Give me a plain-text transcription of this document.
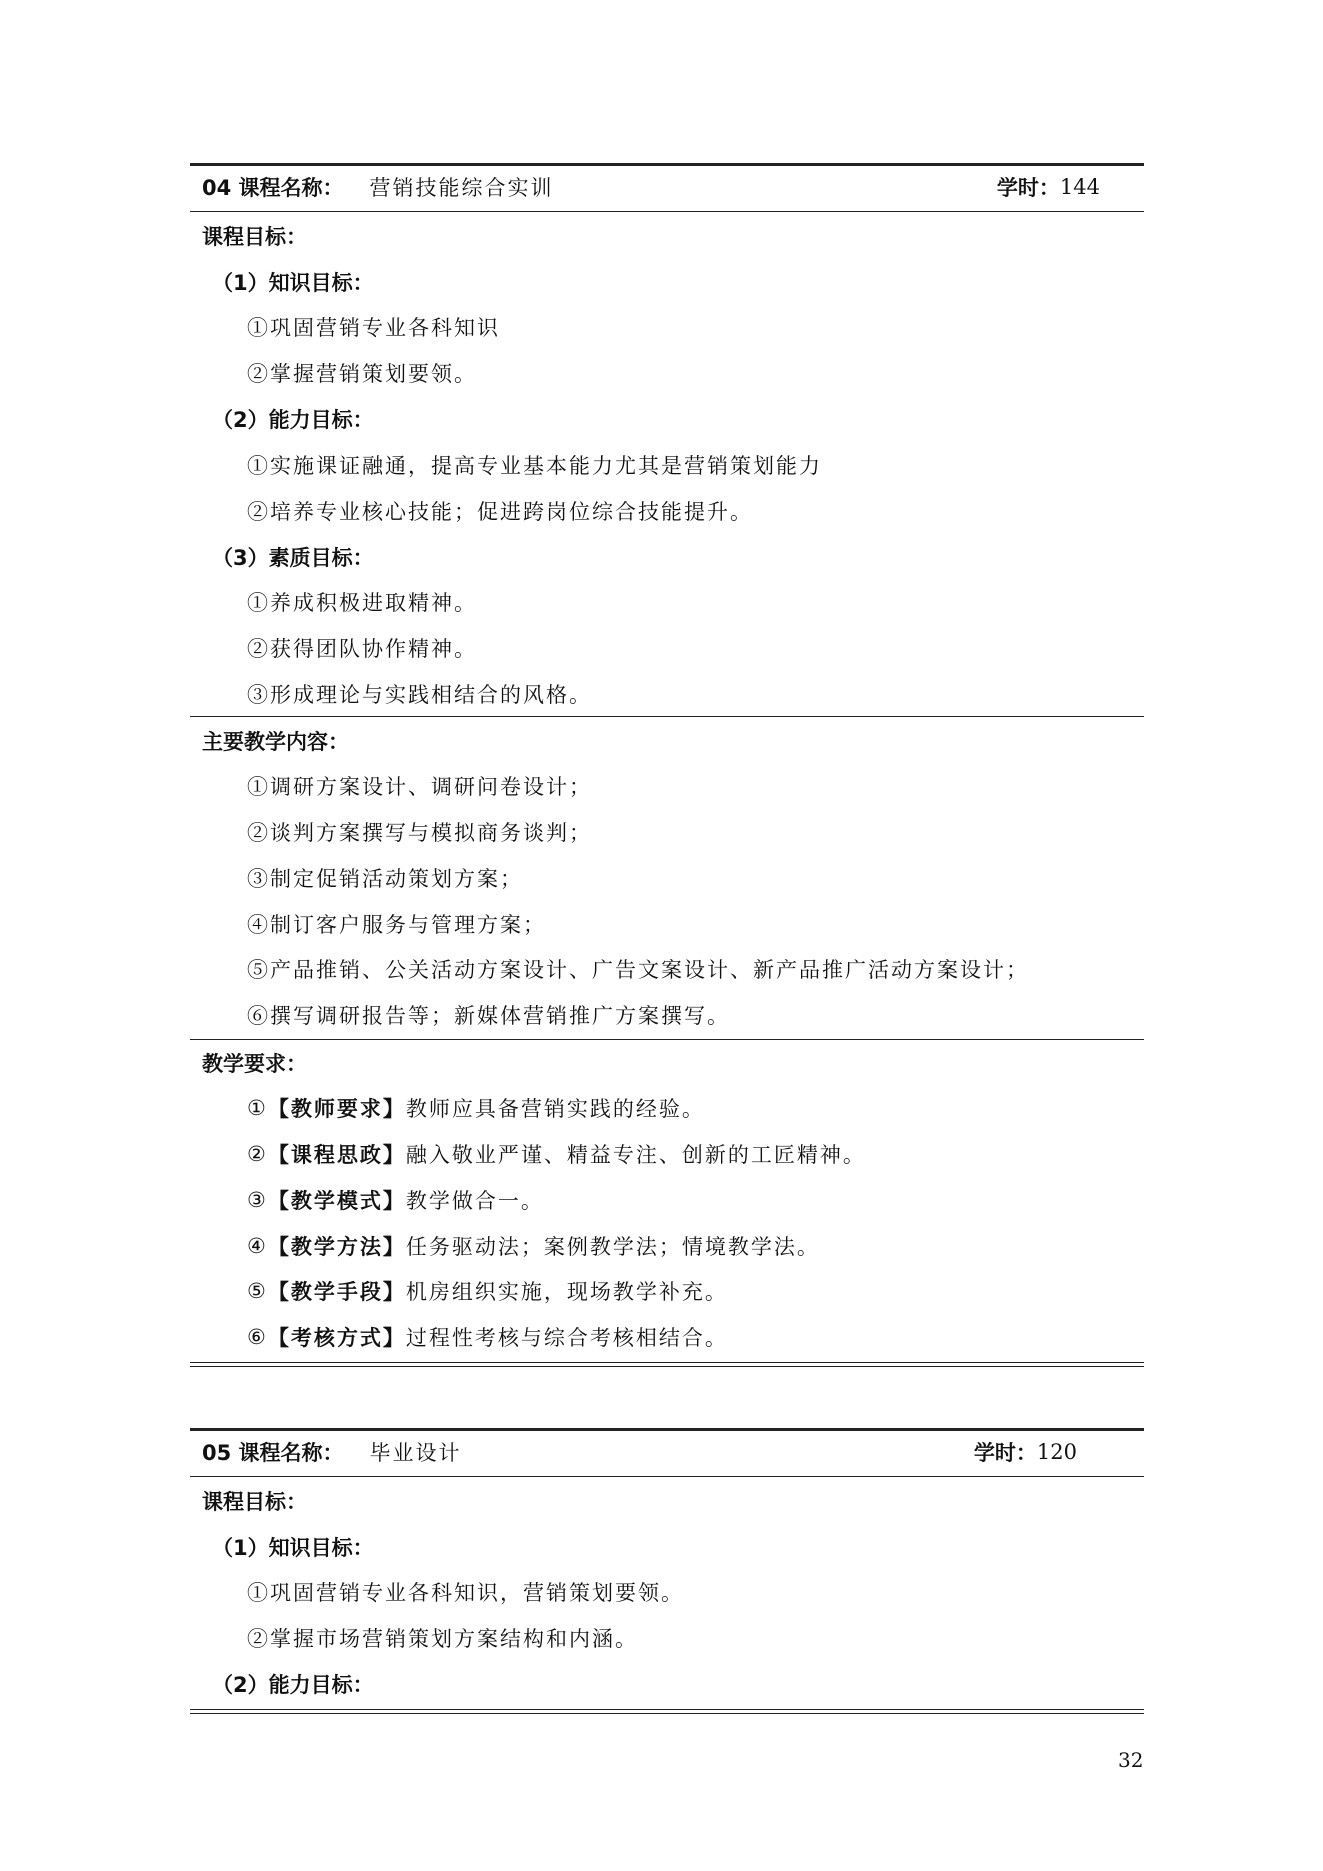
04 课程名称： 营销技能综合实训	学时： 144
课程目标：
（1）知识目标：
①巩固营销专业各科知识
②掌握营销策划要领。
（2）能力目标：
①实施课证融通，提高专业基本能力尤其是营销策划能力
②培养专业核心技能；促进跨岗位综合技能提升。
（3）素质目标：
①养成积极进取精神。
②获得团队协作精神。
③形成理论与实践相结合的风格。
主要教学内容：
①调研方案设计、调研问卷设计；
②谈判方案撰写与模拟商务谈判；
③制定促销活动策划方案；
④制订客户服务与管理方案；
⑤产品推销、公关活动方案设计、广告文案设计、新产品推广活动方案设计；
⑥撰写调研报告等；新媒体营销推广方案撰写。
教学要求：
① 【教师要求】 教师应具备营销实践的经验。
② 【课程思政】 融入敬业严谨、精益专注、创新的工匠精神。
③ 【教学模式】 教学做合一。
④ 【教学方法】 任务驱动法；案例教学法；情境教学法。
⑤ 【教学手段】 机房组织实施，现场教学补充。
⑥ 【考核方式】 过程性考核与综合考核相结合。
05 课程名称： 毕业设计	学时： 120
课程目标：
（1）知识目标：
①巩固营销专业各科知识，营销策划要领。
②掌握市场营销策划方案结构和内涵。
（2）能力目标：
32
